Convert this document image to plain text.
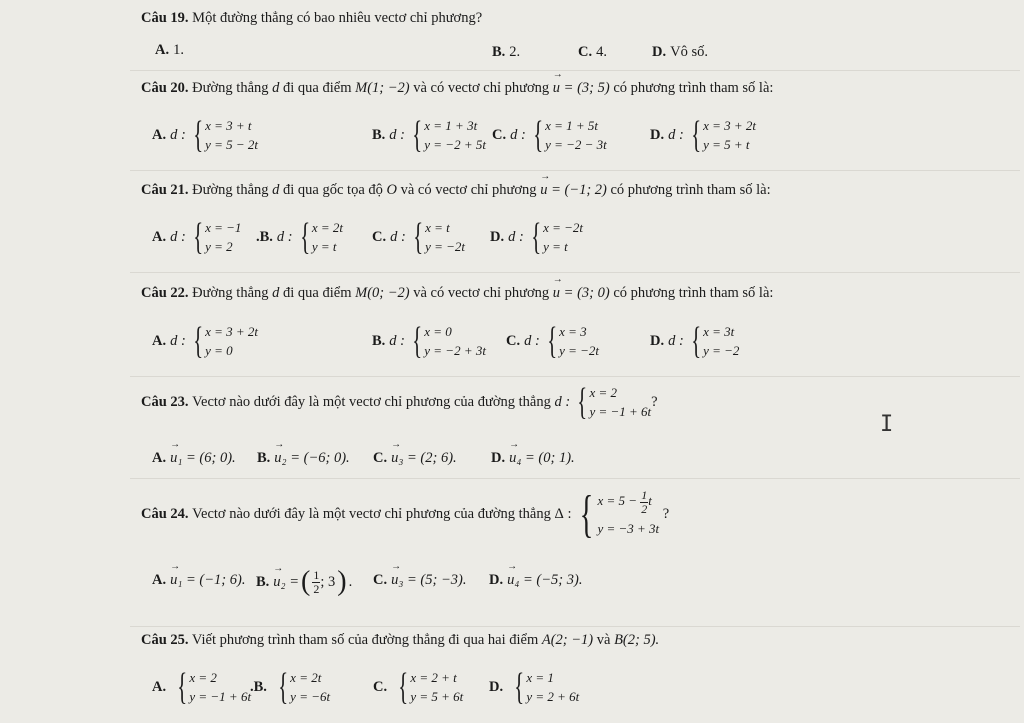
Câu 19. Một đường thẳng có bao nhiêu vectơ chỉ phương?
A. 1.	B. 2.	C. 4.	D. Vô số.
Câu 20. Đường thẳng d đi qua điểm M(1; −2) và có vectơ chỉ phương → u = (3; 5) có phương trình tham số là:
A. d : { x = 3 + t
y = 5 − 2t
B. d : { x = 1 + 3t
y = −2 + 5t
C. d : { x = 1 + 5t
y = −2 − 3t
D. d : { x = 3 + 2t
y = 5 + t
Câu 21. Đường thẳng d đi qua gốc tọa độ O và có vectơ chỉ phương → u = (−1; 2) có phương trình tham số là:
A. d : { x = −1
y = 2
.B. d : { x = 2t
y = t
C. d : { x = t
y = −2t
D. d : { x = −2t
y = t
Câu 22. Đường thẳng d đi qua điểm M(0; −2) và có vectơ chỉ phương → u = (3; 0) có phương trình tham số là:
A. d : { x = 3 + 2t
y = 0
B. d : { x = 0
y = −2 + 3t
C. d : { x = 3
y = −2t
D. d : { x = 3t
y = −2
Câu 23.
Vectơ nào dưới đây là một vectơ chỉ phương của đường thẳng
d : { x = 2
y = −1 + 6t
?
I
A. → u₁ = (6; 0). B. → u₂ = (−6; 0). C. → u₃ = (2; 6). D. → u₄ = (0; 1).
Câu 24.
Vectơ nào dưới đây là một vectơ chỉ phương của đường thẳng
Δ : { $x = 5 - \frac{1}{2}$ t
y = −3 + 3t
?
A. → u₁ = (−1; 6). B. → u₂ = ( $\frac{1}{2}$ ; 3 ) . C. → u₃ = (5; −3). D. → u₄ = (−5; 3).
Câu 25. Viết phương trình tham số của đường thẳng đi qua hai điểm A(2; −1) và B(2; 5).
A. { x = 2
y = −1 + 6t
.B. { x = 2t
y = −6t
C. { x = 2 + t
y = 5 + 6t
D. { x = 1
y = 2 + 6t
